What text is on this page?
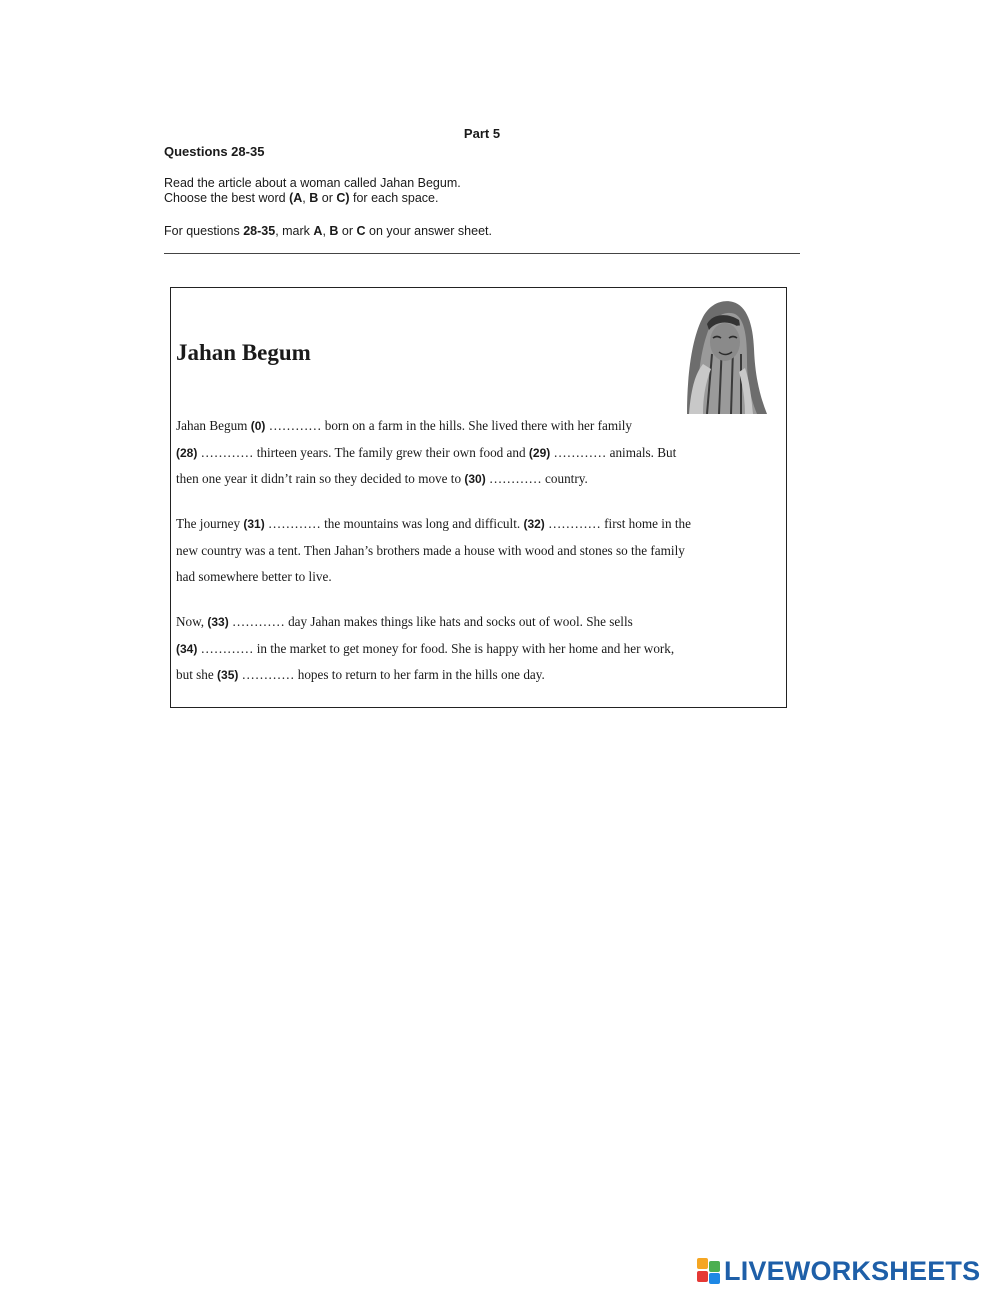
Part 5
Questions 28-35
Read the article about a woman called Jahan Begum.
Choose the best word (A, B or C) for each space.
For questions 28-35, mark A, B or C on your answer sheet.
Jahan Begum
Jahan Begum (0) ………… born on a farm in the hills. She lived there with her family
(28) ………… thirteen years. The family grew their own food and (29) ………… animals. But
then one year it didn’t rain so they decided to move to (30) ………… country.
The journey (31) ………… the mountains was long and difficult. (32) ………… first home in the
new country was a tent. Then Jahan’s brothers made a house with wood and stones so the family
had somewhere better to live.
Now, (33) ………… day Jahan makes things like hats and socks out of wool. She sells
(34) ………… in the market to get money for food. She is happy with her home and her work,
but she (35) ………… hopes to return to her farm in the hills one day.
LIVEWORKSHEETS
